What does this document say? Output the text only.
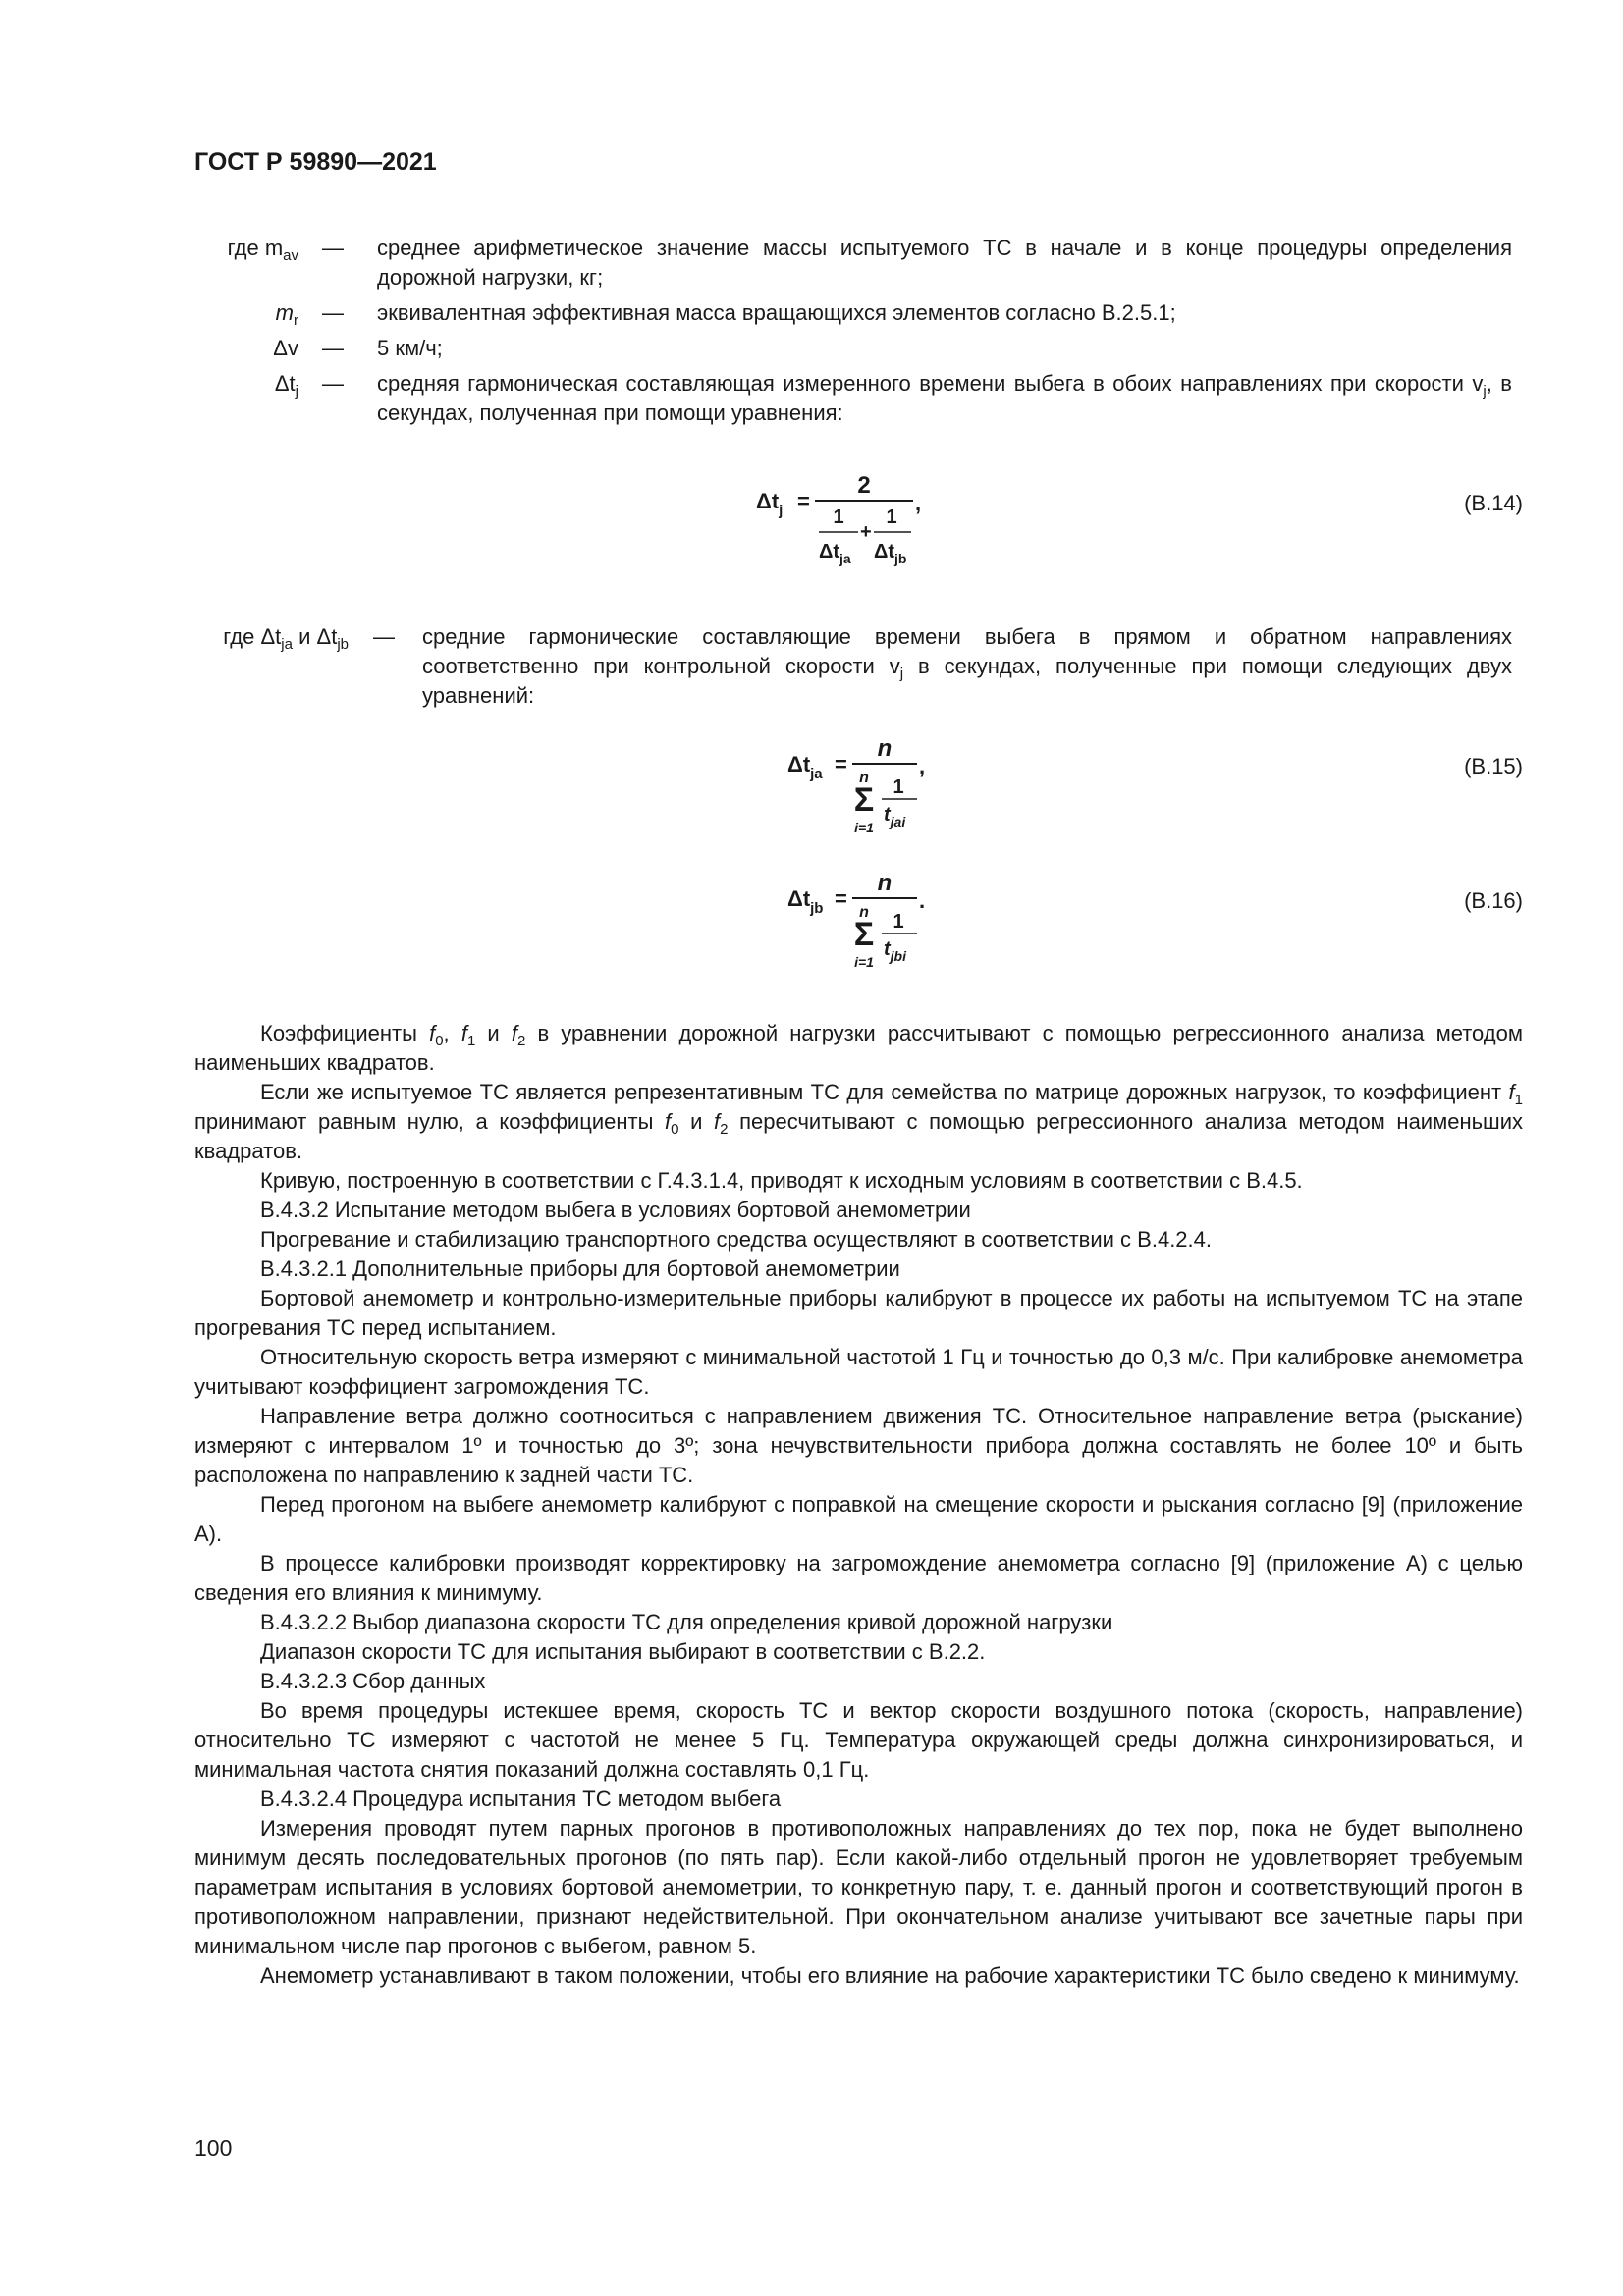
ГОСТ Р 59890—2021
где $m_{av}$ — среднее арифметическое значение массы испытуемого ТС в начале и в конце процедуры определения дорожной нагрузки, кг;
$m_r$ — эквивалентная эффективная масса вращающихся элементов согласно В.2.5.1;
Δv — 5 км/ч;
$\Delta t_j$ — средняя гармоническая составляющая измеренного времени выбега в обоих направлениях при скорости $v_j$, в секундах, полученная при помощи уравнения:
$\Delta t_j$ =
2
1
$\Delta t_{ja}$
+
1
$\Delta t_{jb}$
,	(В.14)
где $\Delta t_{ja}$ и $\Delta t_{jb}$ — средние гармонические составляющие времени выбега в прямом и обратном направлениях соответственно при контрольной скорости $v_j$ в секундах, полученные при помощи следующих двух уравнений:
$\Delta t_{ja}$ =
n
n
Σ
i=1
1
$t_{jai}$
,	(В.15)
$\Delta t_{jb}$ =
n
n
Σ
i=1
1
$t_{jbi}$
.	(В.16)

Коэффициенты $f_0$, $f_1$ и $f_2$ в уравнении дорожной нагрузки рассчитывают с помощью регрессионного анализа методом наименьших квадратов.

Если же испытуемое ТС является репрезентативным ТС для семейства по матрице дорожных нагрузок, то коэффициент $f_1$ принимают равным нулю, а коэффициенты $f_0$ и $f_2$ пересчитывают с помощью регрессионного анализа методом наименьших квадратов.

Кривую, построенную в соответствии с Г.4.3.1.4, приводят к исходным условиям в соответствии с В.4.5.

В.4.3.2 Испытание методом выбега в условиях бортовой анемометрии

Прогревание и стабилизацию транспортного средства осуществляют в соответствии с В.4.2.4.

В.4.3.2.1 Дополнительные приборы для бортовой анемометрии

Бортовой анемометр и контрольно-измерительные приборы калибруют в процессе их работы на испытуемом ТС на этапе прогревания ТС перед испытанием.

Относительную скорость ветра измеряют с минимальной частотой 1 Гц и точностью до 0,3 м/с. При калибровке анемометра учитывают коэффициент загромождения ТС.

Направление ветра должно соотноситься с направлением движения ТС. Относительное направление ветра (рыскание) измеряют с интервалом 1º и точностью до 3º; зона нечувствительности прибора должна составлять не более 10º и быть расположена по направлению к задней части ТС.

Перед прогоном на выбеге анемометр калибруют с поправкой на смещение скорости и рыскания согласно [9] (приложение А).

В процессе калибровки производят корректировку на загромождение анемометра согласно [9] (приложение А) с целью сведения его влияния к минимуму.

В.4.3.2.2 Выбор диапазона скорости ТС для определения кривой дорожной нагрузки

Диапазон скорости ТС для испытания выбирают в соответствии с В.2.2.

В.4.3.2.3 Сбор данных

Во время процедуры истекшее время, скорость ТС и вектор скорости воздушного потока (скорость, направление) относительно ТС измеряют с частотой не менее 5 Гц. Температура окружающей среды должна синхронизироваться, и минимальная частота снятия показаний должна составлять 0,1 Гц.

В.4.3.2.4 Процедура испытания ТС методом выбега

Измерения проводят путем парных прогонов в противоположных направлениях до тех пор, пока не будет выполнено минимум десять последовательных прогонов (по пять пар). Если какой-либо отдельный прогон не удовлетворяет требуемым параметрам испытания в условиях бортовой анемометрии, то конкретную пару, т. е. данный прогон и соответствующий прогон в противоположном направлении, признают недействительной. При окончательном анализе учитывают все зачетные пары при минимальном числе пар прогонов с выбегом, равном 5.

Анемометр устанавливают в таком положении, чтобы его влияние на рабочие характеристики ТС было сведено к минимуму.

100
